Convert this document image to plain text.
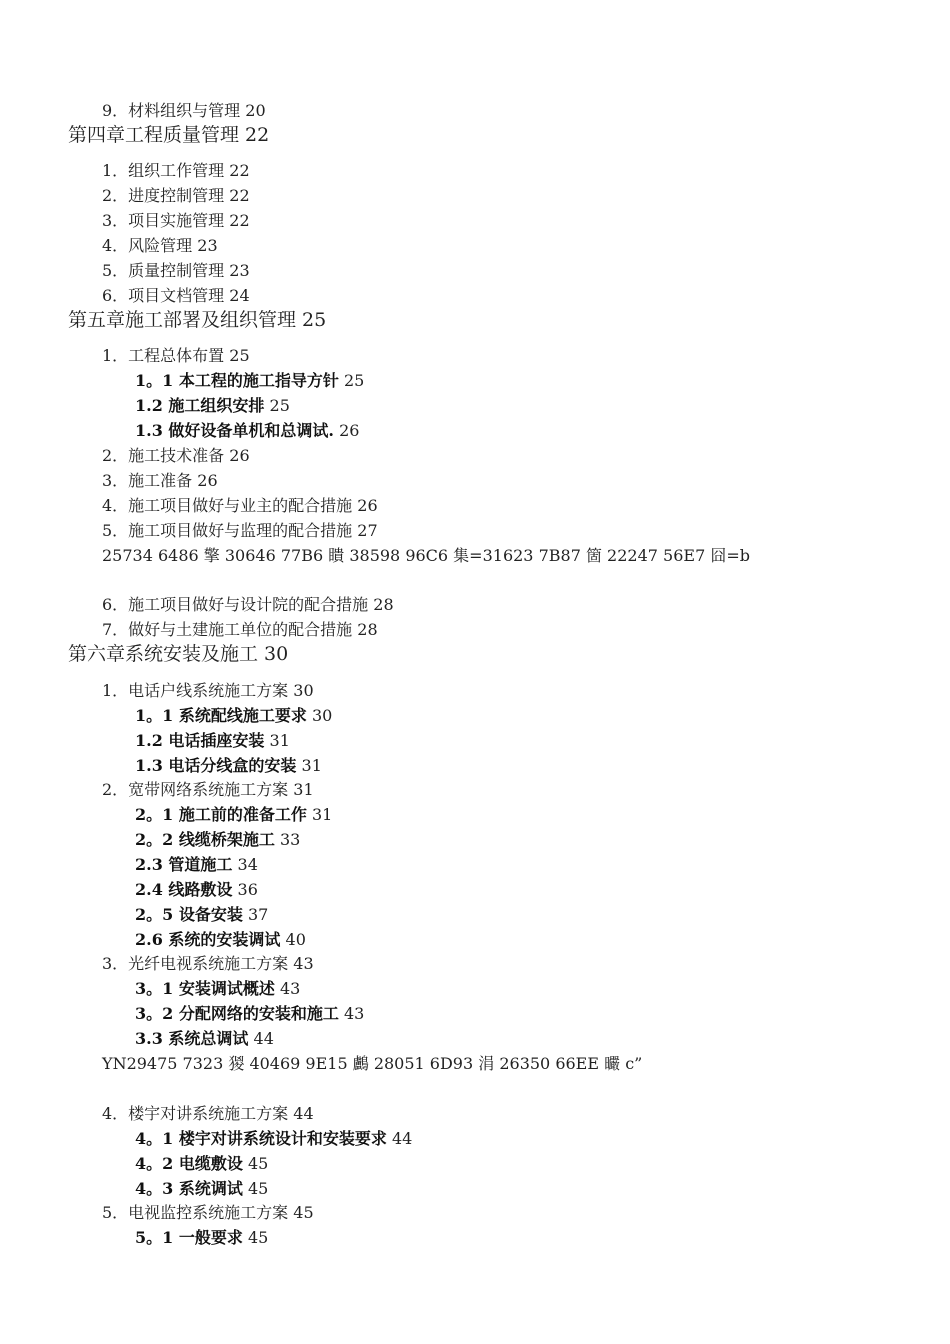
9．材料组织与管理 20
第四章工程质量管理 22
1．组织工作管理 22
2．进度控制管理 22
3．项目实施管理 22
4．风险管理 23
5．质量控制管理 23
6．项目文档管理 24
第五章施工部署及组织管理 25
1．工程总体布置 25
1。1 本工程的施工指导方针 25
1.2 施工组织安排 25
1.3 做好设备单机和总调试. 26
2．施工技术准备 26
3．施工准备 26
4．施工项目做好与业主的配合措施 26
5．施工项目做好与监理的配合措施 27
25734 6486 擎 30646 77B6 瞶 38598 96C6 集=31623 7B87 箇 22247 56E7 囧=b
6．施工项目做好与设计院的配合措施 28
7．做好与土建施工单位的配合措施 28
第六章系统安装及施工 30
1．电话户线系统施工方案 30
1。1 系统配线施工要求 30
1.2 电话插座安装 31
1.3 电话分线盒的安装 31
2．宽带网络系统施工方案 31
2。1 施工前的准备工作 31
2。2 线缆桥架施工 33
2.3 管道施工 34
2.4 线路敷设 36
2。5 设备安装 37
2.6 系统的安装调试 40
3．光纤电视系统施工方案 43
3。1 安装调试概述 43
3。2 分配网络的安装和施工 43
3.3 系统总调试 44
YN29475 7323 猣 40469 9E15 鸕 28051 6D93 涓 26350 66EE 曮 c”
4．楼宇对讲系统施工方案 44
4。1 楼宇对讲系统设计和安装要求 44
4。2 电缆敷设 45
4。3 系统调试 45
5．电视监控系统施工方案 45
5。1 一般要求 45
